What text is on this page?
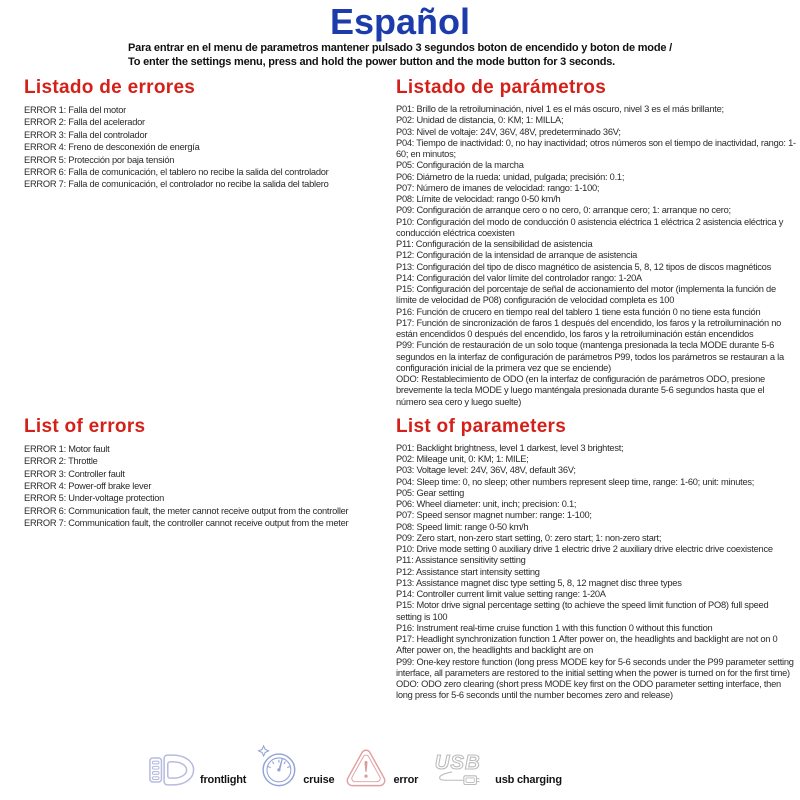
Español
Para entrar en el menu de parametros mantener pulsado 3 segundos boton de encendido y boton de mode /
To enter the settings menu, press and hold the power button and the mode button for 3 seconds.
Listado de errores
ERROR 1: Falla del motor
ERROR 2: Falla del acelerador
ERROR 3: Falla del controlador
ERROR 4: Freno de desconexión de energía
ERROR 5: Protección por baja tensión
ERROR 6: Falla de comunicación, el tablero no recibe la salida del controlador
ERROR 7: Falla de comunicación, el controlador no recibe la salida del tablero
Listado de parámetros
P01: Brillo de la retroiluminación, nivel 1 es el más oscuro, nivel 3 es el más brillante;
P02: Unidad de distancia, 0: KM; 1: MILLA;
P03: Nivel de voltaje: 24V, 36V, 48V, predeterminado 36V;
P04: Tiempo de inactividad: 0, no hay inactividad; otros números son el tiempo de inactividad, rango: 1-60; en minutos;
P05: Configuración de la marcha
P06: Diámetro de la rueda: unidad, pulgada; precisión: 0.1;
P07: Número de imanes de velocidad: rango: 1-100;
P08: Límite de velocidad: rango 0-50 km/h
P09: Configuración de arranque cero o no cero, 0: arranque cero; 1: arranque no cero;
P10: Configuración del modo de conducción 0 asistencia eléctrica 1 eléctrica 2 asistencia eléctrica y conducción eléctrica coexisten
P11: Configuración de la sensibilidad de asistencia
P12: Configuración de la intensidad de arranque de asistencia
P13: Configuración del tipo de disco magnético de asistencia 5, 8, 12 tipos de discos magnéticos
P14: Configuración del valor límite del controlador rango: 1-20A
P15: Configuración del porcentaje de señal de accionamiento del motor (implementa la función de límite de velocidad de P08) configuración de velocidad completa es 100
P16: Función de crucero en tiempo real del tablero 1 tiene esta función 0 no tiene esta función
P17: Función de sincronización de faros 1 después del encendido, los faros y la retroiluminación no están encendidos 0 después del encendido, los faros y la retroiluminación están encendidos
P99: Función de restauración de un solo toque (mantenga presionada la tecla MODE durante 5-6 segundos en la interfaz de configuración de parámetros P99, todos los parámetros se restauran a la configuración inicial de la primera vez que se enciende)
ODO: Restablecimiento de ODO (en la interfaz de configuración de parámetros ODO, presione brevemente la tecla MODE y luego manténgala presionada durante 5-6 segundos hasta que el número sea cero y luego suelte)
List of errors
ERROR 1: Motor fault
ERROR 2: Throttle
ERROR 3: Controller fault
ERROR 4: Power-off brake lever
ERROR 5: Under-voltage protection
ERROR 6: Communication fault, the meter cannot receive output from the controller
ERROR 7: Communication fault, the controller cannot receive output from the meter
List of parameters
P01: Backlight brightness, level 1 darkest, level 3 brightest;
P02: Mileage unit, 0: KM; 1: MILE;
P03: Voltage level: 24V, 36V, 48V, default 36V;
P04: Sleep time: 0, no sleep; other numbers represent sleep time, range: 1-60; unit: minutes;
P05: Gear setting
P06: Wheel diameter: unit, inch; precision: 0.1;
P07: Speed sensor magnet number: range: 1-100;
P08: Speed limit: range 0-50 km/h
P09: Zero start, non-zero start setting, 0: zero start; 1: non-zero start;
P10: Drive mode setting 0 auxiliary drive 1 electric drive 2 auxiliary drive electric drive coexistence
P11: Assistance sensitivity setting
P12: Assistance start intensity setting
P13: Assistance magnet disc type setting 5, 8, 12 magnet disc three types
P14: Controller current limit value setting range: 1-20A
P15: Motor drive signal percentage setting (to achieve the speed limit function of PO8) full speed setting is 100
P16: Instrument real-time cruise function 1 with this function 0 without this function
P17: Headlight synchronization function 1 After power on, the headlights and backlight are not on 0 After power on, the headlights and backlight are on
P99: One-key restore function (long press MODE key for 5-6 seconds under the P99 parameter setting interface, all parameters are restored to the initial setting when the power is turned on for the first time)
ODO: ODO zero clearing (short press MODE key first on the ODO parameter setting interface, then long press for 5-6 seconds until the number becomes zero and release)
frontlight	cruise	error
USB
usb charging
